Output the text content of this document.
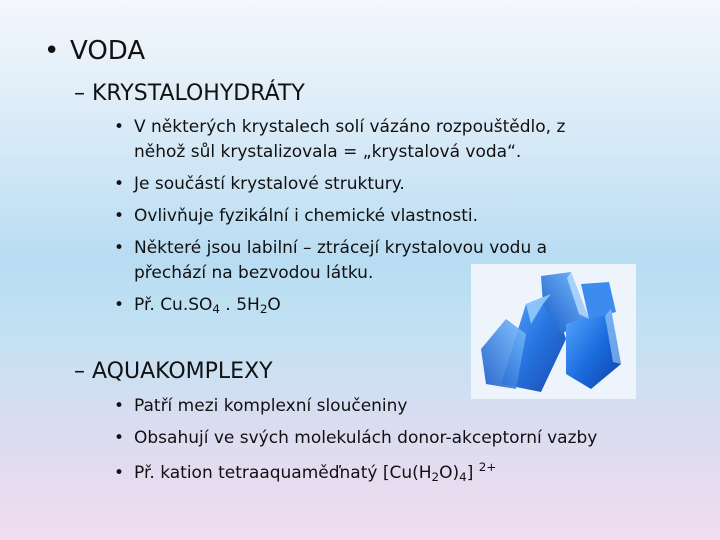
• VODA
– KRYSTALOHYDRÁTY
• V některých krystalech solí vázáno rozpouštědlo, z
něhož sůl krystalizovala = „krystalová voda“.
• Je součástí krystalové struktury.
• Ovlivňuje fyzikální i chemické vlastnosti.
• Některé jsou labilní – ztrácejí krystalovou vodu a
přechází na bezvodou látku.
• Př. $Cu.SO_4$ . $5H_2O$
– AQUAKOMPLEXY
• Patří mezi komplexní sloučeniny
• Obsahují ve svých molekulách donor-akceptorní vazby
• Př. kation tetraaquaměďnatý $[Cu(H_2O)_4]$ $^{2+}$
